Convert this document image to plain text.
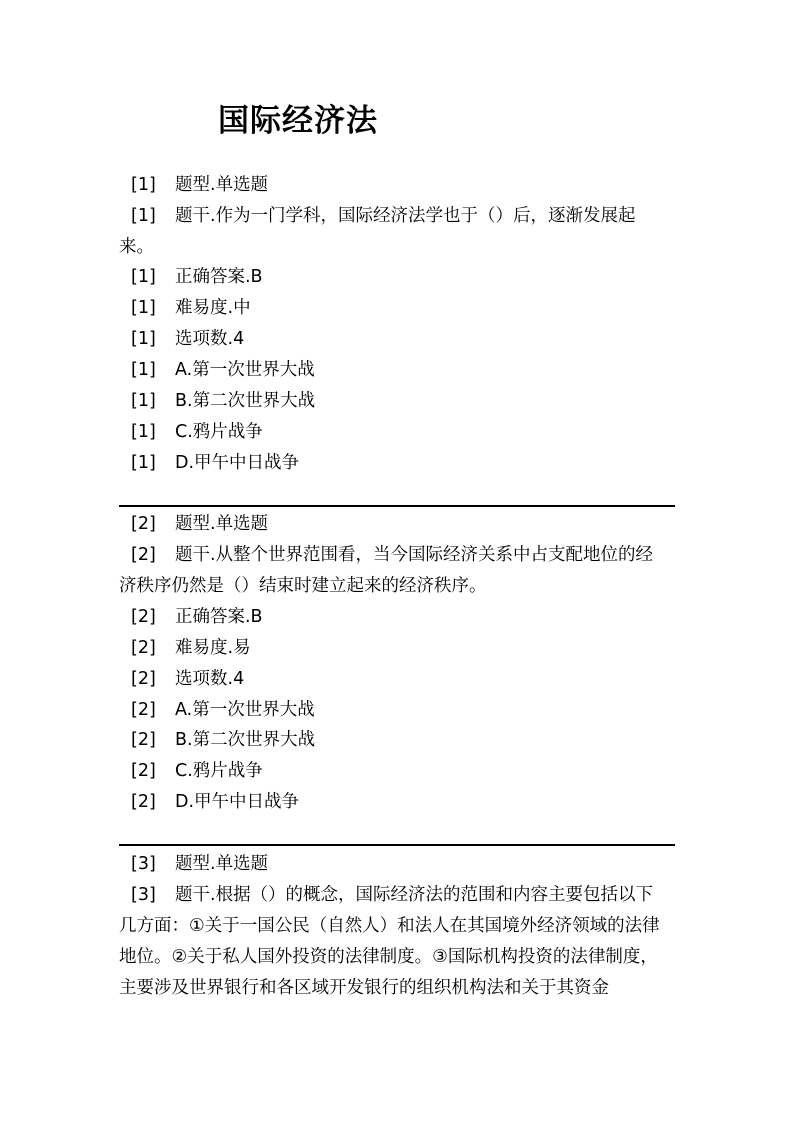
国际经济法
[1] 题型.单选题
[1]	题干.作为一门学科，国际经济法学也于（）后，逐渐发展起来。
[1] 正确答案.B
[1] 难易度.中
[1] 选项数.4
[1] A.第一次世界大战
[1] B.第二次世界大战
[1] C.鸦片战争
[1] D.甲午中日战争
[2] 题型.单选题
[2]	题干.从整个世界范围看，当今国际经济关系中占支配地位的经济秩序仍然是（）结束时建立起来的经济秩序。
[2] 正确答案.B
[2] 难易度.易
[2] 选项数.4
[2] A.第一次世界大战
[2] B.第二次世界大战
[2] C.鸦片战争
[2] D.甲午中日战争
[3] 题型.单选题
[3]	题干.根据（）的概念，国际经济法的范围和内容主要包括以下几方面：①关于一国公民（自然人）和法人在其国境外经济领域的法律地位。②关于私人国外投资的法律制度。③国际机构投资的法律制度，主要涉及世界银行和各区域开发银行的组织机构法和关于其资金
